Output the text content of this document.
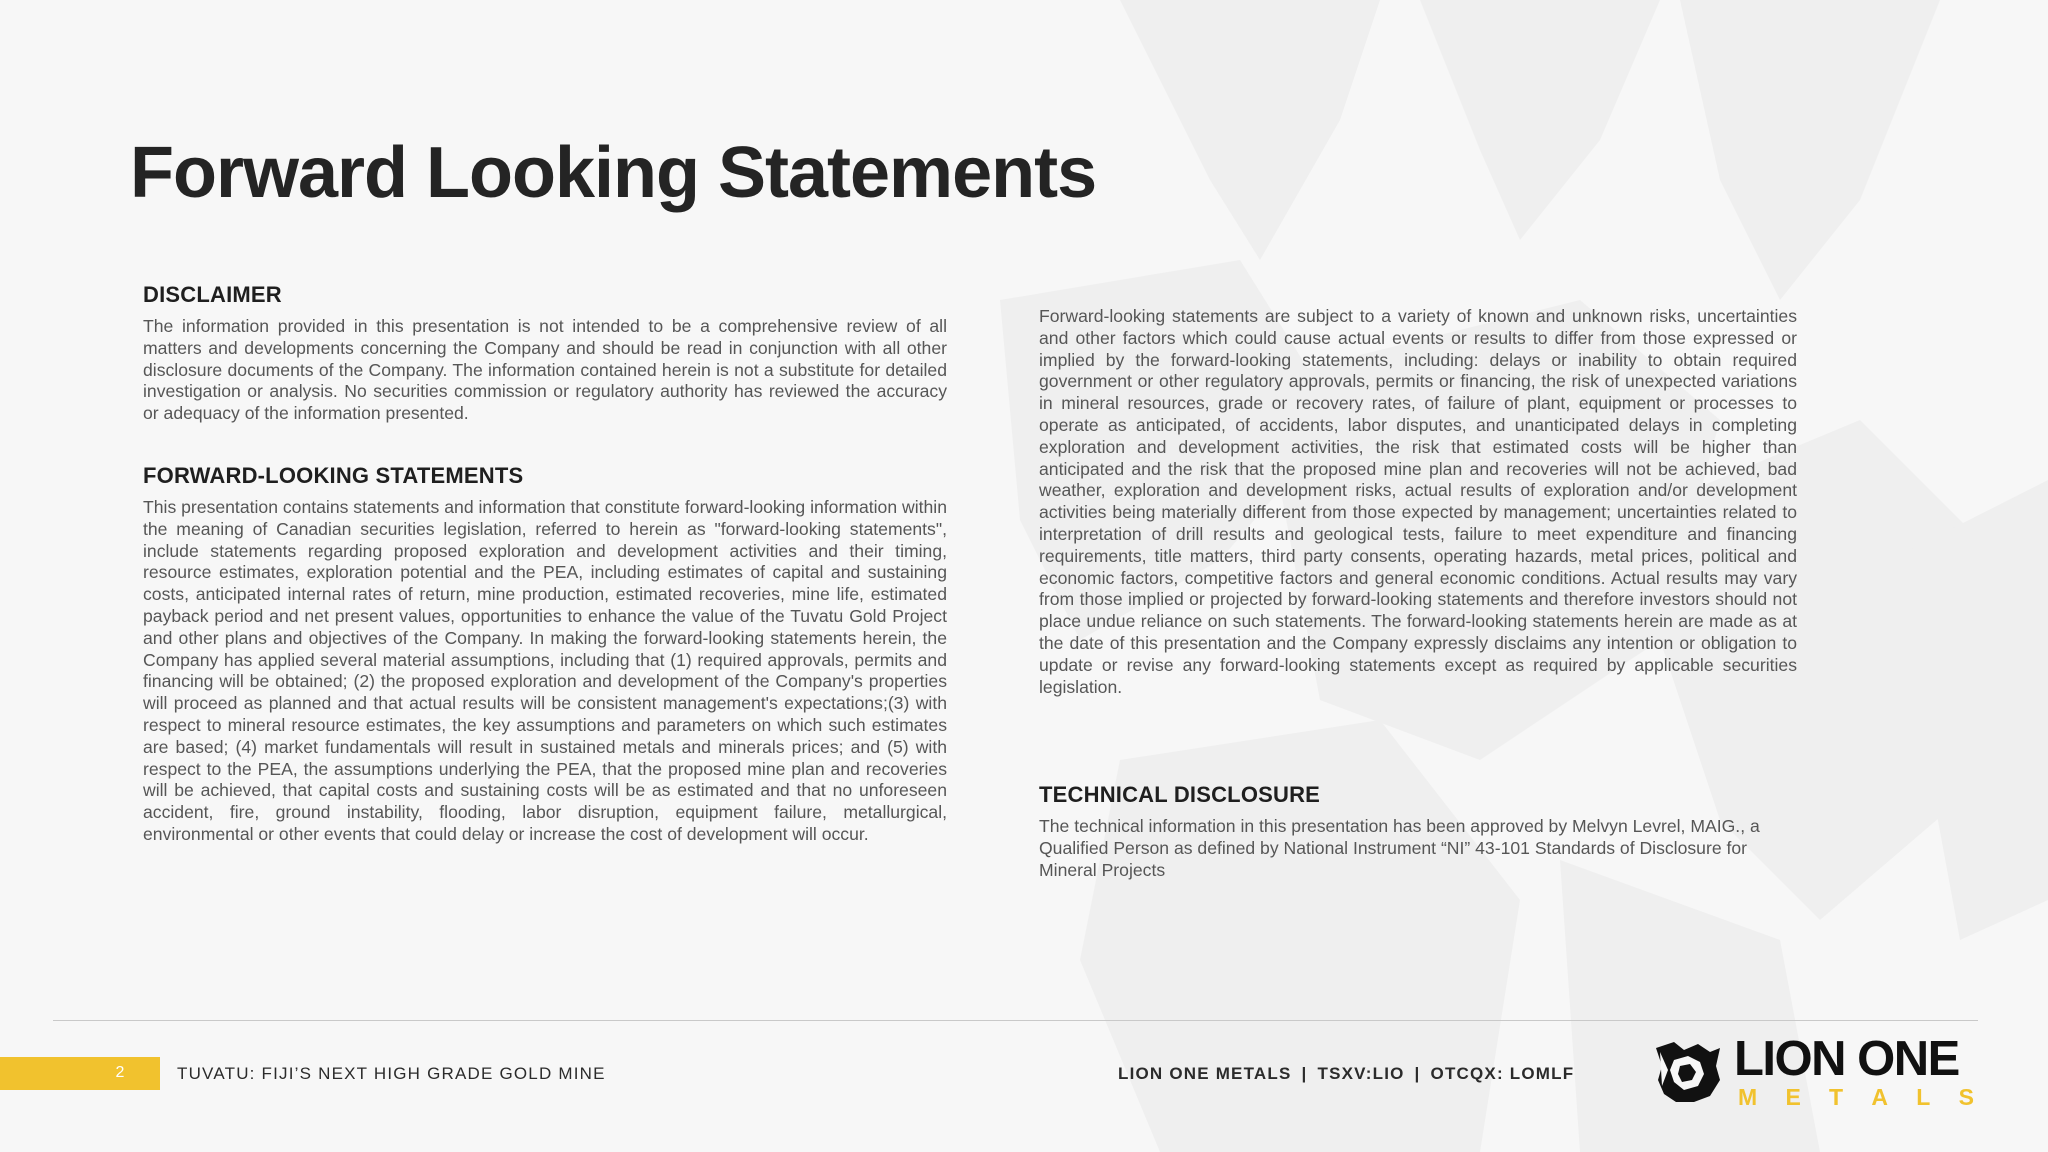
Forward Looking Statements
DISCLAIMER

The information provided in this presentation is not intended to be a comprehensive review of all matters and developments concerning the Company and should be read in conjunction with all other disclosure documents of the Company. The information contained herein is not a substitute for detailed investigation or analysis. No securities commission or regulatory authority has reviewed the accuracy or adequacy of the information presented.

FORWARD-LOOKING STATEMENTS

This presentation contains statements and information that constitute forward-looking information within the meaning of Canadian securities legislation, referred to herein as "forward-looking statements", include statements regarding proposed exploration and development activities and their timing, resource estimates, exploration potential and the PEA, including estimates of capital and sustaining costs, anticipated internal rates of return, mine production, estimated recoveries, mine life, estimated payback period and net present values, opportunities to enhance the value of the Tuvatu Gold Project and other plans and objectives of the Company. In making the forward-looking statements herein, the Company has applied several material assumptions, including that (1) required approvals, permits and financing will be obtained; (2) the proposed exploration and development of the Company's properties will proceed as planned and that actual results will be consistent management's expectations;(3) with respect to mineral resource estimates, the key assumptions and parameters on which such estimates are based; (4) market fundamentals will result in sustained metals and minerals prices; and (5) with respect to the PEA, the assumptions underlying the PEA, that the proposed mine plan and recoveries will be achieved, that capital costs and sustaining costs will be as estimated and that no unforeseen accident, fire, ground instability, flooding, labor disruption, equipment failure, metallurgical, environmental or other events that could delay or increase the cost of development will occur.

Forward-looking statements are subject to a variety of known and unknown risks, uncertainties and other factors which could cause actual events or results to differ from those expressed or implied by the forward-looking statements, including: delays or inability to obtain required government or other regulatory approvals, permits or financing, the risk of unexpected variations in mineral resources, grade or recovery rates, of failure of plant, equipment or processes to operate as anticipated, of accidents, labor disputes, and unanticipated delays in completing exploration and development activities, the risk that estimated costs will be higher than anticipated and the risk that the proposed mine plan and recoveries will not be achieved, bad weather, exploration and development risks, actual results of exploration and/or development activities being materially different from those expected by management; uncertainties related to interpretation of drill results and geological tests, failure to meet expenditure and financing requirements, title matters, third party consents, operating hazards, metal prices, political and economic factors, competitive factors and general economic conditions. Actual results may vary from those implied or projected by forward-looking statements and therefore investors should not place undue reliance on such statements. The forward-looking statements herein are made as at the date of this presentation and the Company expressly disclaims any intention or obligation to update or revise any forward-looking statements except as required by applicable securities legislation.

TECHNICAL DISCLOSURE

The technical information in this presentation has been approved by Melvyn Levrel, MAIG., a Qualified Person as defined by National Instrument “NI” 43-101 Standards of Disclosure for Mineral Projects

2	TUVATU: FIJI’S NEXT HIGH GRADE GOLD MINE	LION ONE METALS | TSXV:LIO | OTCQX: LOMLF	LION ONE
M E T A L S
